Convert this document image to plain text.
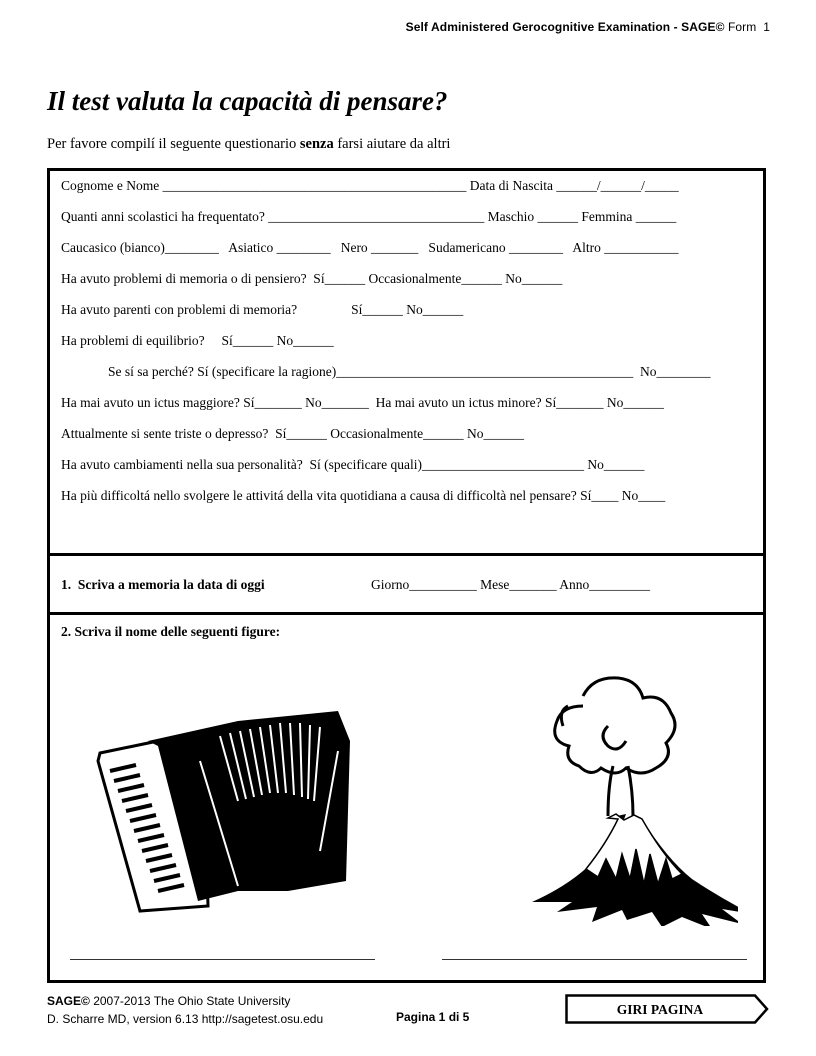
Self Administered Gerocognitive Examination - SAGE© Form  1
Il test valuta la capacità di pensare?
Per favore compilí il seguente questionario senza farsi aiutare da altri
Cognome e Nome _____________________________________________ Data di Nascita ______/______/_____
Quanti anni scolastici ha frequentato? ________________________________ Maschio ______ Femmina ______
Caucasico (bianco)________   Asiatico ________   Nero _______   Sudamericano ________   Altro ___________
Ha avuto problemi di memoria o di pensiero?  Sí______ Occasionalmente______ No______
Ha avuto parenti con problemi di memoria?                Sí______ No______
Ha problemi di equilibrio?     Sí______ No______
Se sí sa perché? Sí (specificare la ragione)____________________________________________  No________
Ha mai avuto un ictus maggiore? Sí_______ No_______  Ha mai avuto un ictus minore? Sí_______ No______
Attualmente si sente triste o depresso?  Sí______ Occasionalmente______ No______
Ha avuto cambiamenti nella sua personalità?  Sí (specificare quali)________________________ No______
Ha più difficoltá nello svolgere le attivitá della vita quotidiana a causa di difficoltà nel pensare? Sí____ No____
1.  Scriva a memoria la data di oggi	Giorno__________ Mese_______ Anno_________
2. Scriva il nome delle seguenti figure:
SAGE© 2007-2013 The Ohio State University
D. Scharre MD, version 6.13 http://sagetest.osu.edu	Pagina 1 di 5	GIRI PAGINA
